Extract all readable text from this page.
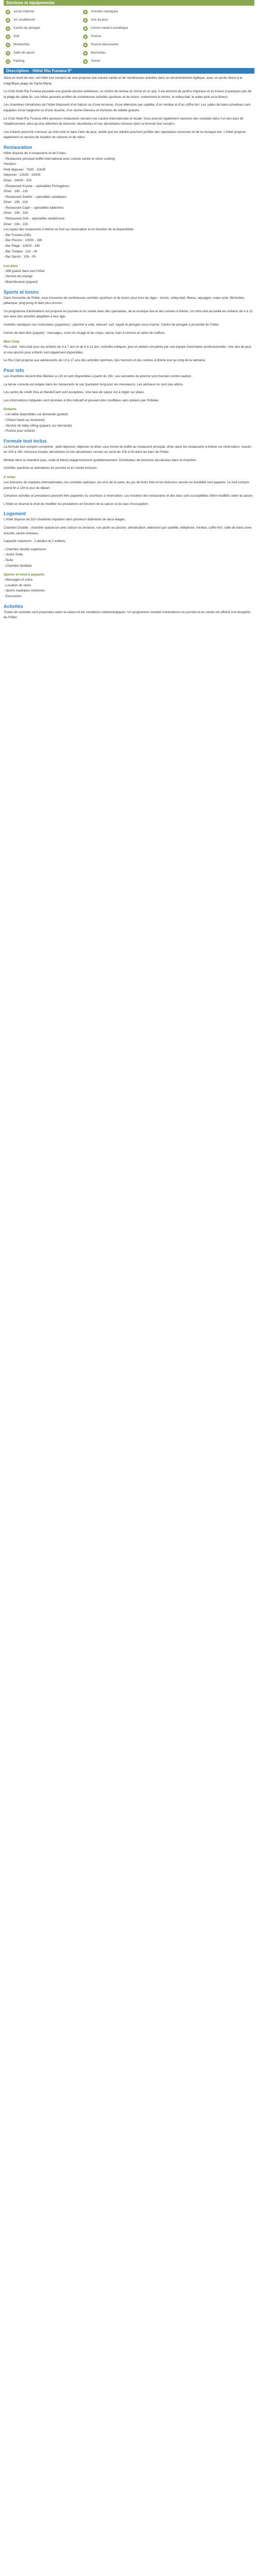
Services et équipements
Accès internet	Activités nautiques
Air conditionné	Aire de jeux
Centre de plongée	Centre médico-esthétique
Golf	Piscine
Minibar/bar	Piscine découverte
Salle de sports	Bar/restau
Parking	Tennis
Description - Hôtel Riu Funana 5*

Situé en bord de mer, cet hôtel tout compris de luxe propose une cuisine variée et de nombreuses activités dans un environnement idyllique, avec un accès direct à la magnifique plage de Santa Maria.

Le Club Hotel Riu Funana possède une grande piscine extérieure, un centre de remise en forme et un spa. Il est entouré de jardins tropicaux et se trouve à quelques pas de la plage de sable fin. Les hôtes peuvent profiter de nombreuses activités sportives et de loisirs, notamment le tennis, le volley-ball, le water-polo et le fitness.

Les chambres climatisées de l'hôtel disposent d'un balcon ou d'une terrasse, d'une télévision par satellite, d'un minibar et d'un coffre-fort. Les salles de bains privatives sont équipées d'une baignoire ou d'une douche, d'un sèche-cheveux et d'articles de toilette gratuits.

Le Club Hotel Riu Funana offre plusieurs restaurants servant une cuisine internationale et locale. Vous pourrez également savourer des cocktails dans l'un des bars de l'établissement, ainsi qu'une sélection de boissons alcoolisées et non alcoolisées incluses dans la formule tout compris.

Les enfants pourront s'amuser au mini-club et dans l'aire de jeux, tandis que les adultes pourront profiter des spectacles nocturnes et de la musique live. L'hôtel propose également un service de location de voitures et de vélos.

Restauration
Hôtel dispose de 4 restaurants et de 5 bars :
- Restaurant principal buffet international avec cuisine variée et show cooking
Horaires :
Petit déjeuner : 7h30 - 10h30
Déjeuner : 12h30 - 15h00
Dîner : 18h30 - 22h
- Restaurant Krystal – spécialités Portugaises
Dîner : 19h - 22h
- Restaurant Sukkhi – spécialités asiatiques
Dîner : 19h - 22h
- Restaurant Capri – spécialités italiennes
Dîner : 19h - 22h
- Restaurant Grill – spécialités steakhouse
Dîner : 19h - 22h
Les repas des restaurants à thème se font sur réservation et en fonction de la disponibilité.
- Bar Funana (24h)
- Bar Piscine : 10h00 - 18h
- Bar Plage : 10h00 - 18h
- Bar Théâtre : 21h - 0h
- Bar Sports : 10h - 0h
Les plus
- Wifi gratuit dans tout l'hôtel
- Service de change
- Blanchisserie (payant)
Sports et loisirs

Dans l'enceinte de l'hôtel, vous trouverez de nombreuses activités sportives et de loisirs pour tous les âges : tennis, volley-ball, fitness, aquagym, water-polo, fléchettes, pétanque, ping-pong et bien plus encore.

Un programme d'animations est proposé en journée et en soirée avec des spectacles, de la musique live et des soirées à thème. Un mini-club accueille les enfants de 4 à 12 ans avec des activités adaptées à leur âge.

Activités nautiques non motorisées (payantes) : planche à voile, kitesurf, surf, kayak et plongée sous-marine. Centre de plongée à proximité de l'hôtel.

Centre de bien-être (payant) : massages, soins du visage et du corps, sauna, bain à remous et salon de coiffure.

Mini Club

Riu Land : mini-club pour les enfants de 4 à 7 ans et de 8 à 12 ans. Activités ludiques, jeux et ateliers encadrés par une équipe d'animation professionnelle. Une aire de jeux et une piscine pour enfants sont également disponibles.

Le Riu Club propose aux adolescents de 13 à 17 ans des activités sportives, des tournois et des soirées à thème tout au long de la semaine.

Pour info

Les chambres doivent être libérées à 12h et sont disponibles à partir de 15h. Les serviettes de piscine sont fournies contre caution.

La tenue correcte est exigée dans les restaurants le soir (pantalon long pour les messieurs). Les animaux ne sont pas admis.

Les cartes de crédit Visa et MasterCard sont acceptées. Une taxe de séjour est à régler sur place.

Les informations indiquées sont données à titre indicatif et peuvent être modifiées sans préavis par l'hôtelier.

Enfants
- Lits bébé disponibles sur demande (gratuit)
- Chaise haute au restaurant
- Service de baby-sitting (payant, sur demande)
- Piscine pour enfants
Formule tout inclus

La formule tout compris comprend : petit déjeuner, déjeuner et dîner sous forme de buffet au restaurant principal, dîner dans les restaurants à thème sur réservation, snacks de 10h à 18h, boissons locales alcoolisées et non alcoolisées servies au verre de 10h à 0h dans les bars de l'hôtel.

Minibar dans la chambre (eau, soda et bière) réapprovisionné quotidiennement. Distributeur de boissons alcoolisées dans la chambre.

Activités sportives et animations en journée et en soirée incluses.

A noter

Les boissons de marques internationales, les cocktails spéciaux, les vins de la carte, les jus de fruits frais et les boissons servies en bouteille sont payants. Le tout compris prend fin à 12h le jour du départ.

Certaines activités et prestations peuvent être payantes ou soumises à réservation. Les horaires des restaurants et des bars sont susceptibles d'être modifiés selon la saison.

L'hôtel se réserve le droit de modifier les prestations en fonction de la saison et du taux d'occupation.

Logement

L'hôtel dispose de 510 chambres réparties dans plusieurs bâtiments de deux étages.

Chambre Double : chambre spacieuse avec balcon ou terrasse, vue jardin ou piscine, climatisation, télévision par satellite, téléphone, minibar, coffre-fort, salle de bains avec douche, sèche-cheveux.

Capacité maximum : 2 adultes et 2 enfants.

- Chambre double supérieure
- Junior Suite
- Suite
- Chambre familiale
Sports et loisirs payants
- Massages et soins
- Location de vélos
- Sports nautiques motorisés
- Excursions
Activités

Toutes les activités sont proposées selon la saison et les conditions météorologiques. Un programme complet d'animations en journée et en soirée est affiché à la réception de l'hôtel.
